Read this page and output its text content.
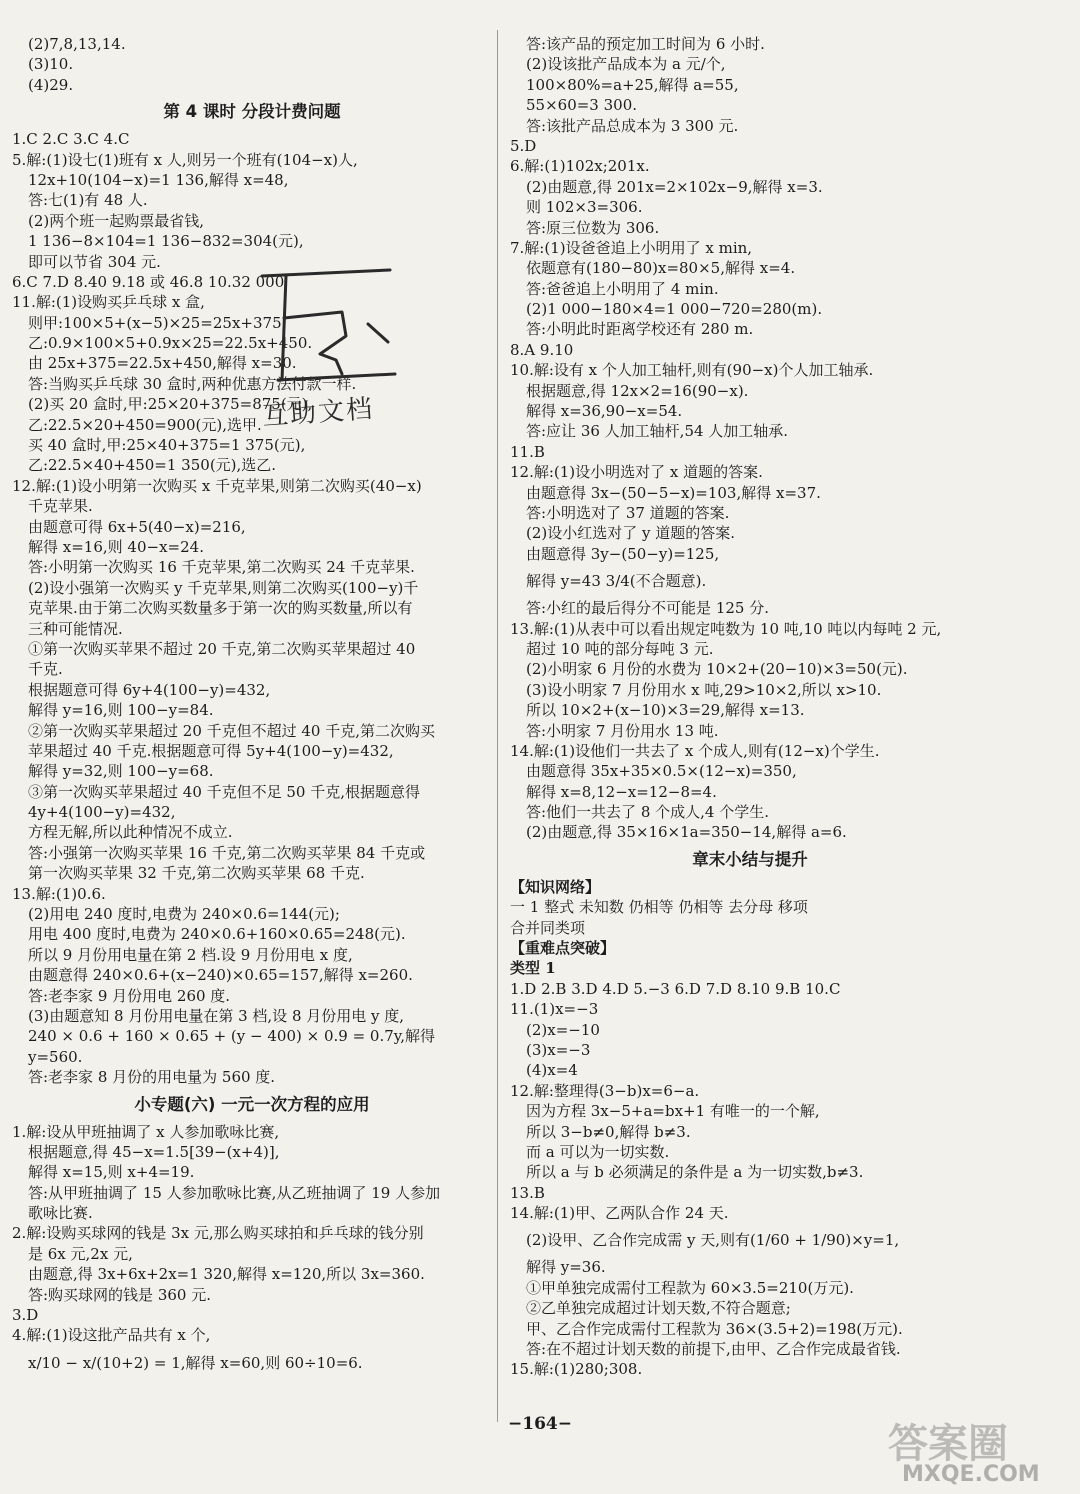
(2)7,8,13,14.
(3)10.
(4)29.
第 4 课时 分段计费问题
1.C 2.C 3.C 4.C
5.解:(1)设七(1)班有 x 人,则另一个班有(104−x)人,
12x+10(104−x)=1 136,解得 x=48,
答:七(1)有 48 人.
(2)两个班一起购票最省钱,
1 136−8×104=1 136−832=304(元),
即可以节省 304 元.
6.C 7.D 8.40 9.18 或 46.8 10.32 000
11.解:(1)设购买乒乓球 x 盒,
则甲:100×5+(x−5)×25=25x+375,
乙:0.9×100×5+0.9x×25=22.5x+450.
由 25x+375=22.5x+450,解得 x=30.
答:当购买乒乓球 30 盒时,两种优惠方法付款一样.
(2)买 20 盒时,甲:25×20+375=875(元),
乙:22.5×20+450=900(元),选甲.
买 40 盒时,甲:25×40+375=1 375(元),
乙:22.5×40+450=1 350(元),选乙.
12.解:(1)设小明第一次购买 x 千克苹果,则第二次购买(40−x)
千克苹果.
由题意可得 6x+5(40−x)=216,
解得 x=16,则 40−x=24.
答:小明第一次购买 16 千克苹果,第二次购买 24 千克苹果.
(2)设小强第一次购买 y 千克苹果,则第二次购买(100−y)千
克苹果.由于第二次购买数量多于第一次的购买数量,所以有
三种可能情况.
①第一次购买苹果不超过 20 千克,第二次购买苹果超过 40
千克.
根据题意可得 6y+4(100−y)=432,
解得 y=16,则 100−y=84.
②第一次购买苹果超过 20 千克但不超过 40 千克,第二次购买
苹果超过 40 千克.根据题意可得 5y+4(100−y)=432,
解得 y=32,则 100−y=68.
③第一次购买苹果超过 40 千克但不足 50 千克,根据题意得
4y+4(100−y)=432,
方程无解,所以此种情况不成立.
答:小强第一次购买苹果 16 千克,第二次购买苹果 84 千克或
第一次购买苹果 32 千克,第二次购买苹果 68 千克.
13.解:(1)0.6.
(2)用电 240 度时,电费为 240×0.6=144(元);
用电 400 度时,电费为 240×0.6+160×0.65=248(元).
所以 9 月份用电量在第 2 档.设 9 月份用电 x 度,
由题意得 240×0.6+(x−240)×0.65=157,解得 x=260.
答:老李家 9 月份用电 260 度.
(3)由题意知 8 月份用电量在第 3 档,设 8 月份用电 y 度,
240 × 0.6 + 160 × 0.65 + (y − 400) × 0.9 = 0.7y,解得
y=560.
答:老李家 8 月份的用电量为 560 度.
小专题(六) 一元一次方程的应用
1.解:设从甲班抽调了 x 人参加歌咏比赛,
根据题意,得 45−x=1.5[39−(x+4)],
解得 x=15,则 x+4=19.
答:从甲班抽调了 15 人参加歌咏比赛,从乙班抽调了 19 人参加
歌咏比赛.
2.解:设购买球网的钱是 3x 元,那么购买球拍和乒乓球的钱分别
是 6x 元,2x 元,
由题意,得 3x+6x+2x=1 320,解得 x=120,所以 3x=360.
答:购买球网的钱是 360 元.
3.D
4.解:(1)设这批产品共有 x 个,
x/10 − x/(10+2) = 1,解得 x=60,则 60÷10=6.
答:该产品的预定加工时间为 6 小时.
(2)设该批产品成本为 a 元/个,
100×80%=a+25,解得 a=55,
55×60=3 300.
答:该批产品总成本为 3 300 元.
5.D
6.解:(1)102x;201x.
(2)由题意,得 201x=2×102x−9,解得 x=3.
则 102×3=306.
答:原三位数为 306.
7.解:(1)设爸爸追上小明用了 x min,
依题意有(180−80)x=80×5,解得 x=4.
答:爸爸追上小明用了 4 min.
(2)1 000−180×4=1 000−720=280(m).
答:小明此时距离学校还有 280 m.
8.A 9.10
10.解:设有 x 个人加工轴杆,则有(90−x)个人加工轴承.
根据题意,得 12x×2=16(90−x).
解得 x=36,90−x=54.
答:应让 36 人加工轴杆,54 人加工轴承.
11.B
12.解:(1)设小明选对了 x 道题的答案.
由题意得 3x−(50−5−x)=103,解得 x=37.
答:小明选对了 37 道题的答案.
(2)设小红选对了 y 道题的答案.
由题意得 3y−(50−y)=125,
解得 y=43 3/4(不合题意).
答:小红的最后得分不可能是 125 分.
13.解:(1)从表中可以看出规定吨数为 10 吨,10 吨以内每吨 2 元,
超过 10 吨的部分每吨 3 元.
(2)小明家 6 月份的水费为 10×2+(20−10)×3=50(元).
(3)设小明家 7 月份用水 x 吨,29>10×2,所以 x>10.
所以 10×2+(x−10)×3=29,解得 x=13.
答:小明家 7 月份用水 13 吨.
14.解:(1)设他们一共去了 x 个成人,则有(12−x)个学生.
由题意得 35x+35×0.5×(12−x)=350,
解得 x=8,12−x=12−8=4.
答:他们一共去了 8 个成人,4 个学生.
(2)由题意,得 35×16×1a=350−14,解得 a=6.
章末小结与提升
【知识网络】
一 1 整式 未知数 仍相等 仍相等 去分母 移项
合并同类项
【重难点突破】
类型 1
1.D 2.B 3.D 4.D 5.−3 6.D 7.D 8.10 9.B 10.C
11.(1)x=−3
(2)x=−10
(3)x=−3
(4)x=4
12.解:整理得(3−b)x=6−a.
因为方程 3x−5+a=bx+1 有唯一的一个解,
所以 3−b≠0,解得 b≠3.
而 a 可以为一切实数.
所以 a 与 b 必须满足的条件是 a 为一切实数,b≠3.
13.B
14.解:(1)甲、乙两队合作 24 天.
(2)设甲、乙合作完成需 y 天,则有(1/60 + 1/90)×y=1,
解得 y=36.
①甲单独完成需付工程款为 60×3.5=210(万元).
②乙单独完成超过计划天数,不符合题意;
甲、乙合作完成需付工程款为 36×(3.5+2)=198(万元).
答:在不超过计划天数的前提下,由甲、乙合作完成最省钱.
15.解:(1)280;308.
−164−
互助文档
答案圈
MXQE.COM
